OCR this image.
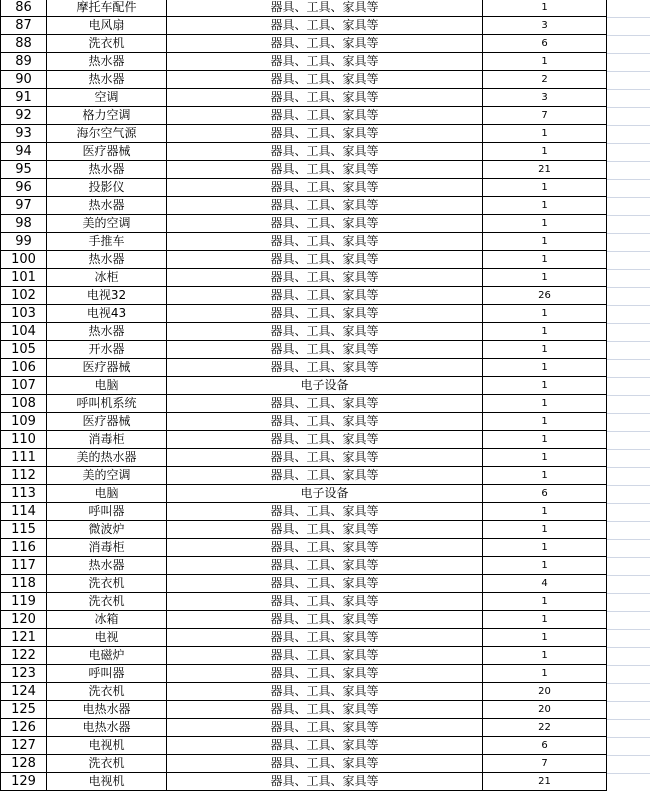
86	摩托车配件	器具、工具、家具等	1
87	电风扇	器具、工具、家具等	3
88	洗衣机	器具、工具、家具等	6
89	热水器	器具、工具、家具等	1
90	热水器	器具、工具、家具等	2
91	空调	器具、工具、家具等	3
92	格力空调	器具、工具、家具等	7
93	海尔空气源	器具、工具、家具等	1
94	医疗器械	器具、工具、家具等	1
95	热水器	器具、工具、家具等	21
96	投影仪	器具、工具、家具等	1
97	热水器	器具、工具、家具等	1
98	美的空调	器具、工具、家具等	1
99	手推车	器具、工具、家具等	1
100	热水器	器具、工具、家具等	1
101	冰柜	器具、工具、家具等	1
102	电视32	器具、工具、家具等	26
103	电视43	器具、工具、家具等	1
104	热水器	器具、工具、家具等	1
105	开水器	器具、工具、家具等	1
106	医疗器械	器具、工具、家具等	1
107	电脑	电子设备	1
108	呼叫机系统	器具、工具、家具等	1
109	医疗器械	器具、工具、家具等	1
110	消毒柜	器具、工具、家具等	1
111	美的热水器	器具、工具、家具等	1
112	美的空调	器具、工具、家具等	1
113	电脑	电子设备	6
114	呼叫器	器具、工具、家具等	1
115	微波炉	器具、工具、家具等	1
116	消毒柜	器具、工具、家具等	1
117	热水器	器具、工具、家具等	1
118	洗衣机	器具、工具、家具等	4
119	洗衣机	器具、工具、家具等	1
120	冰箱	器具、工具、家具等	1
121	电视	器具、工具、家具等	1
122	电磁炉	器具、工具、家具等	1
123	呼叫器	器具、工具、家具等	1
124	洗衣机	器具、工具、家具等	20
125	电热水器	器具、工具、家具等	20
126	电热水器	器具、工具、家具等	22
127	电视机	器具、工具、家具等	6
128	洗衣机	器具、工具、家具等	7
129	电视机	器具、工具、家具等	21
